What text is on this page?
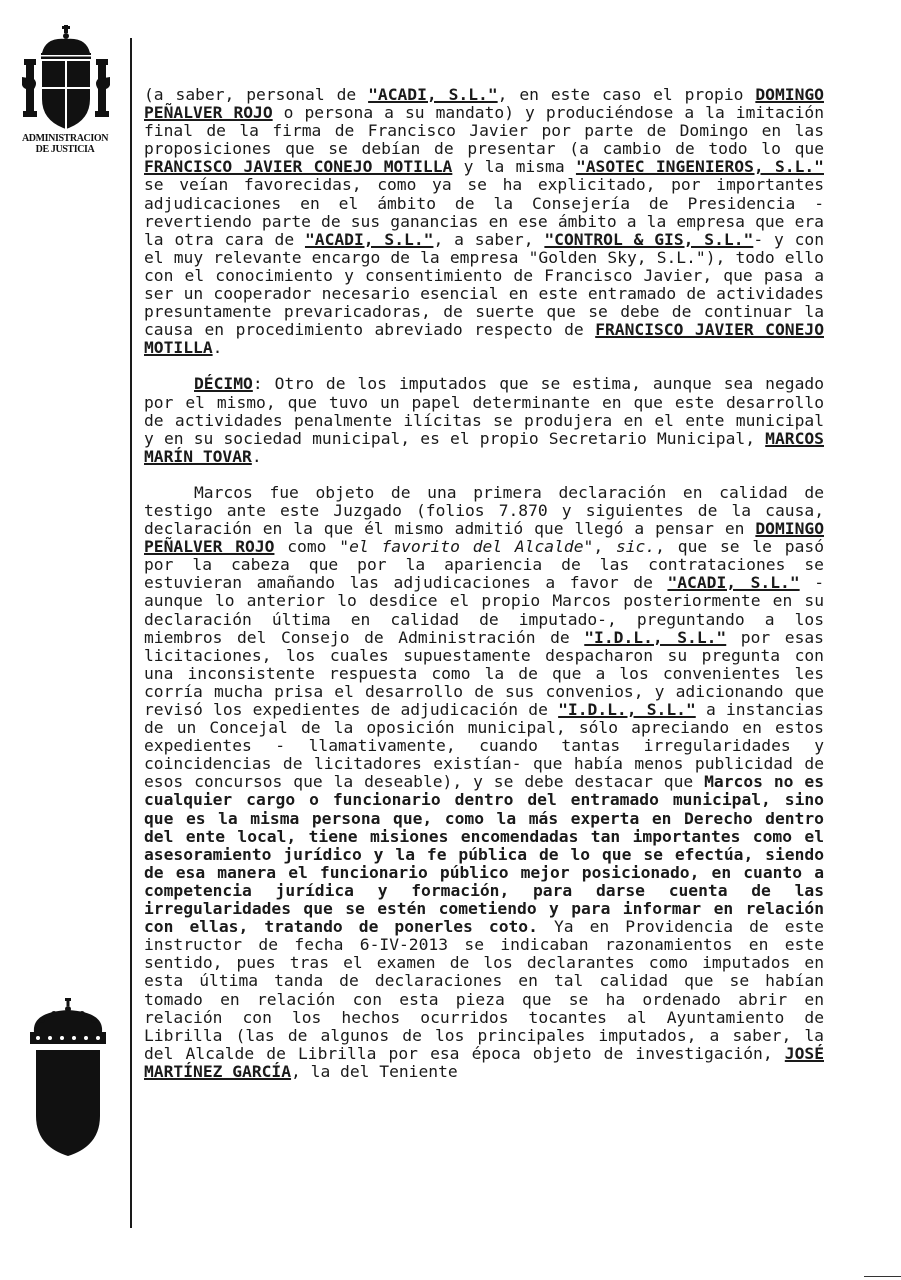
ADMINISTRACION
DE JUSTICIA

(a saber, personal de "ACADI, S.L.", en este caso el propio DOMINGO PEÑALVER ROJO o persona a su mandato) y produciéndose a la imitación final de la firma de Francisco Javier por parte de Domingo en las proposiciones que se debían de presentar (a cambio de todo lo que FRANCISCO JAVIER CONEJO MOTILLA y la misma "ASOTEC INGENIEROS, S.L." se veían favorecidas, como ya se ha explicitado, por importantes adjudicaciones en el ámbito de la Consejería de Presidencia - revertiendo parte de sus ganancias en ese ámbito a la empresa que era la otra cara de "ACADI, S.L.", a saber, "CONTROL & GIS, S.L."- y con el muy relevante encargo de la empresa "Golden Sky, S.L."), todo ello con el conocimiento y consentimiento de Francisco Javier, que pasa a ser un cooperador necesario esencial en este entramado de actividades presuntamente prevaricadoras, de suerte que se debe de continuar la causa en procedimiento abreviado respecto de FRANCISCO JAVIER CONEJO MOTILLA.

DÉCIMO: Otro de los imputados que se estima, aunque sea negado por el mismo, que tuvo un papel determinante en que este desarrollo de actividades penalmente ilícitas se produjera en el ente municipal y en su sociedad municipal, es el propio Secretario Municipal, MARCOS MARÍN TOVAR.

Marcos fue objeto de una primera declaración en calidad de testigo ante este Juzgado (folios 7.870 y siguientes de la causa, declaración en la que él mismo admitió que llegó a pensar en DOMINGO PEÑALVER ROJO como "el favorito del Alcalde", sic., que se le pasó por la cabeza que por la apariencia de las contrataciones se estuvieran amañando las adjudicaciones a favor de "ACADI, S.L." -aunque lo anterior lo desdice el propio Marcos posteriormente en su declaración última en calidad de imputado-, preguntando a los miembros del Consejo de Administración de "I.D.L., S.L." por esas licitaciones, los cuales supuestamente despacharon su pregunta con una inconsistente respuesta como la de que a los convenientes les corría mucha prisa el desarrollo de sus convenios, y adicionando que revisó los expedientes de adjudicación de "I.D.L., S.L." a instancias de un Concejal de la oposición municipal, sólo apreciando en estos expedientes - llamativamente, cuando tantas irregularidades y coincidencias de licitadores existían- que había menos publicidad de esos concursos que la deseable), y se debe destacar que Marcos no es cualquier cargo o funcionario dentro del entramado municipal, sino que es la misma persona que, como la más experta en Derecho dentro del ente local, tiene misiones encomendadas tan importantes como el asesoramiento jurídico y la fe pública de lo que se efectúa, siendo de esa manera el funcionario público mejor posicionado, en cuanto a competencia jurídica y formación, para darse cuenta de las irregularidades que se estén cometiendo y para informar en relación con ellas, tratando de ponerles coto. Ya en Providencia de este instructor de fecha 6-IV-2013 se indicaban razonamientos en este sentido, pues tras el examen de los declarantes como imputados en esta última tanda de declaraciones en tal calidad que se habían tomado en relación con esta pieza que se ha ordenado abrir en relación con los hechos ocurridos tocantes al Ayuntamiento de Librilla (las de algunos de los principales imputados, a saber, la del Alcalde de Librilla por esa época objeto de investigación, JOSÉ MARTÍNEZ GARCÍA, la del Teniente
